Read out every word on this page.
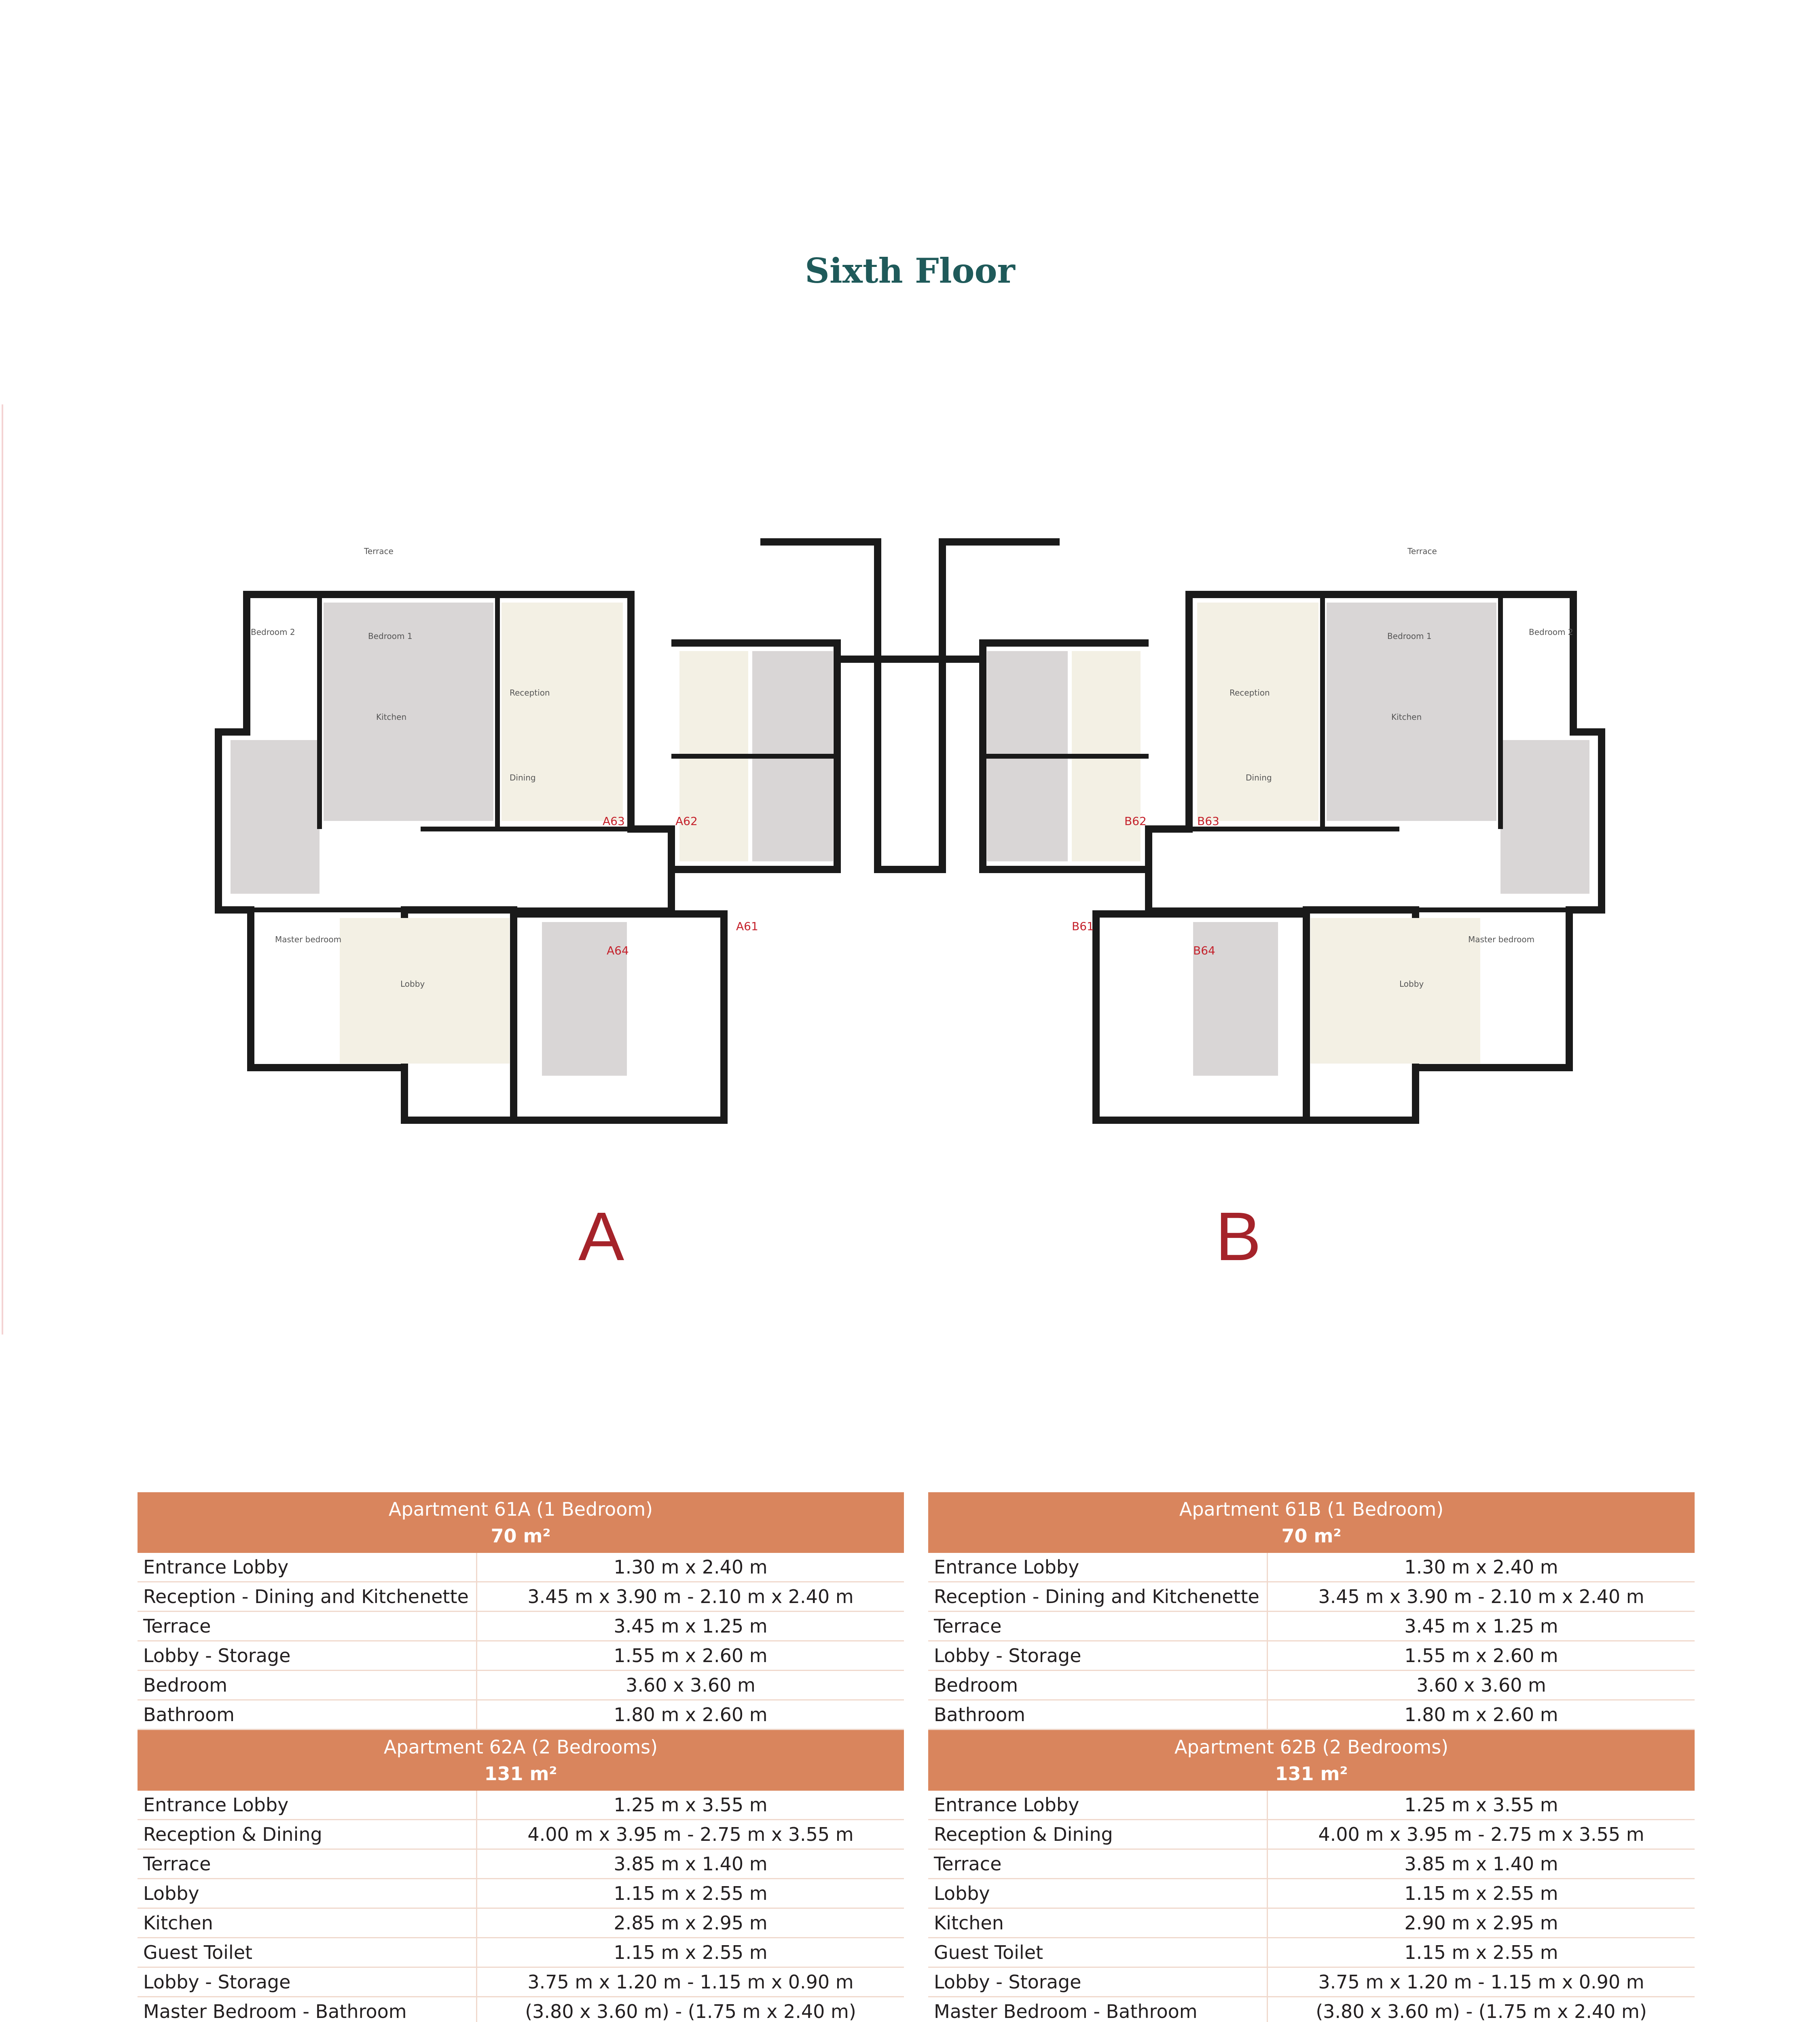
Sixth Floor
A63	A62
A61
A64
B61
B62	B63
B64
Terrace
Bedroom 2	Bedroom 1
Reception
Dining
Kitchen
Master bedroom
Lobby
Terrace
Bedroom 2
Bedroom 1
Reception
Dining
Kitchen
Master bedroom
Lobby
A	B
Apartment 61A (1 Bedroom)
70 m²
Entrance Lobby	1.30 m x 2.40 m
Reception - Dining and Kitchenette	3.45 m x 3.90 m - 2.10 m x 2.40 m
Terrace	3.45 m x 1.25 m
Lobby - Storage	1.55 m x 2.60 m
Bedroom	3.60 x 3.60 m
Bathroom	1.80 m x 2.60 m
Apartment 62A (2 Bedrooms)
131 m²
Entrance Lobby	1.25 m x 3.55 m
Reception & Dining	4.00 m x 3.95 m - 2.75 m x 3.55 m
Terrace	3.85 m x 1.40 m
Lobby	1.15 m x 2.55 m
Kitchen	2.85 m x 2.95 m
Guest Toilet	1.15 m x 2.55 m
Lobby - Storage	3.75 m x 1.20 m - 1.15 m x 0.90 m
Master Bedroom - Bathroom	(3.80 x 3.60 m) - (1.75 m x 2.40 m)
Apartment 61B (1 Bedroom)
70 m²
Entrance Lobby	1.30 m x 2.40 m
Reception - Dining and Kitchenette	3.45 m x 3.90 m - 2.10 m x 2.40 m
Terrace	3.45 m x 1.25 m
Lobby - Storage	1.55 m x 2.60 m
Bedroom	3.60 x 3.60 m
Bathroom	1.80 m x 2.60 m
Apartment 62B (2 Bedrooms)
131 m²
Entrance Lobby	1.25 m x 3.55 m
Reception & Dining	4.00 m x 3.95 m - 2.75 m x 3.55 m
Terrace	3.85 m x 1.40 m
Lobby	1.15 m x 2.55 m
Kitchen	2.90 m x 2.95 m
Guest Toilet	1.15 m x 2.55 m
Lobby - Storage	3.75 m x 1.20 m - 1.15 m x 0.90 m
Master Bedroom - Bathroom	(3.80 x 3.60 m) - (1.75 m x 2.40 m)
